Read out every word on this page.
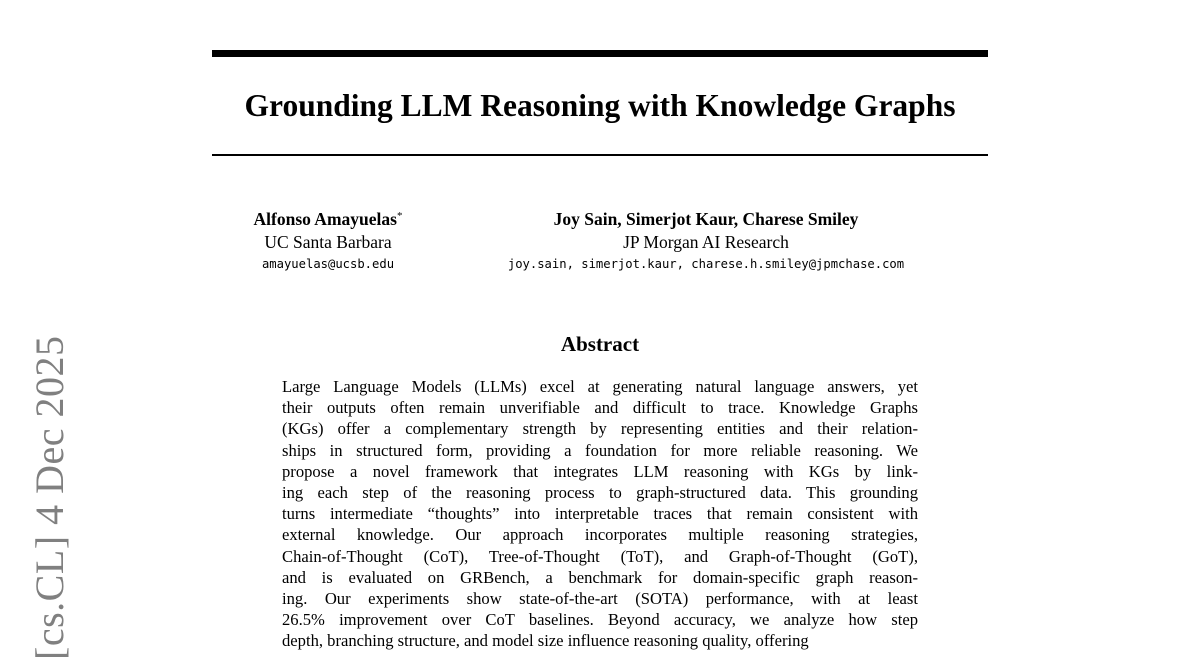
Grounding LLM Reasoning with Knowledge Graphs
Alfonso Amayuelas*
UC Santa Barbara
amayuelas@ucsb.edu
Joy Sain, Simerjot Kaur, Charese Smiley
JP Morgan AI Research
joy.sain, simerjot.kaur, charese.h.smiley@jpmchase.com
Abstract
Large Language Models (LLMs) excel at generating natural language answers, yet
their outputs often remain unverifiable and difficult to trace. Knowledge Graphs
(KGs) offer a complementary strength by representing entities and their relation-
ships in structured form, providing a foundation for more reliable reasoning. We
propose a novel framework that integrates LLM reasoning with KGs by link-
ing each step of the reasoning process to graph-structured data. This grounding
turns intermediate “thoughts” into interpretable traces that remain consistent with
external knowledge. Our approach incorporates multiple reasoning strategies,
Chain-of-Thought (CoT), Tree-of-Thought (ToT), and Graph-of-Thought (GoT),
and is evaluated on GRBench, a benchmark for domain-specific graph reason-
ing. Our experiments show state-of-the-art (SOTA) performance, with at least
26.5% improvement over CoT baselines. Beyond accuracy, we analyze how step
depth, branching structure, and model size influence reasoning quality, offering
[cs.CL] 4 Dec 2025
